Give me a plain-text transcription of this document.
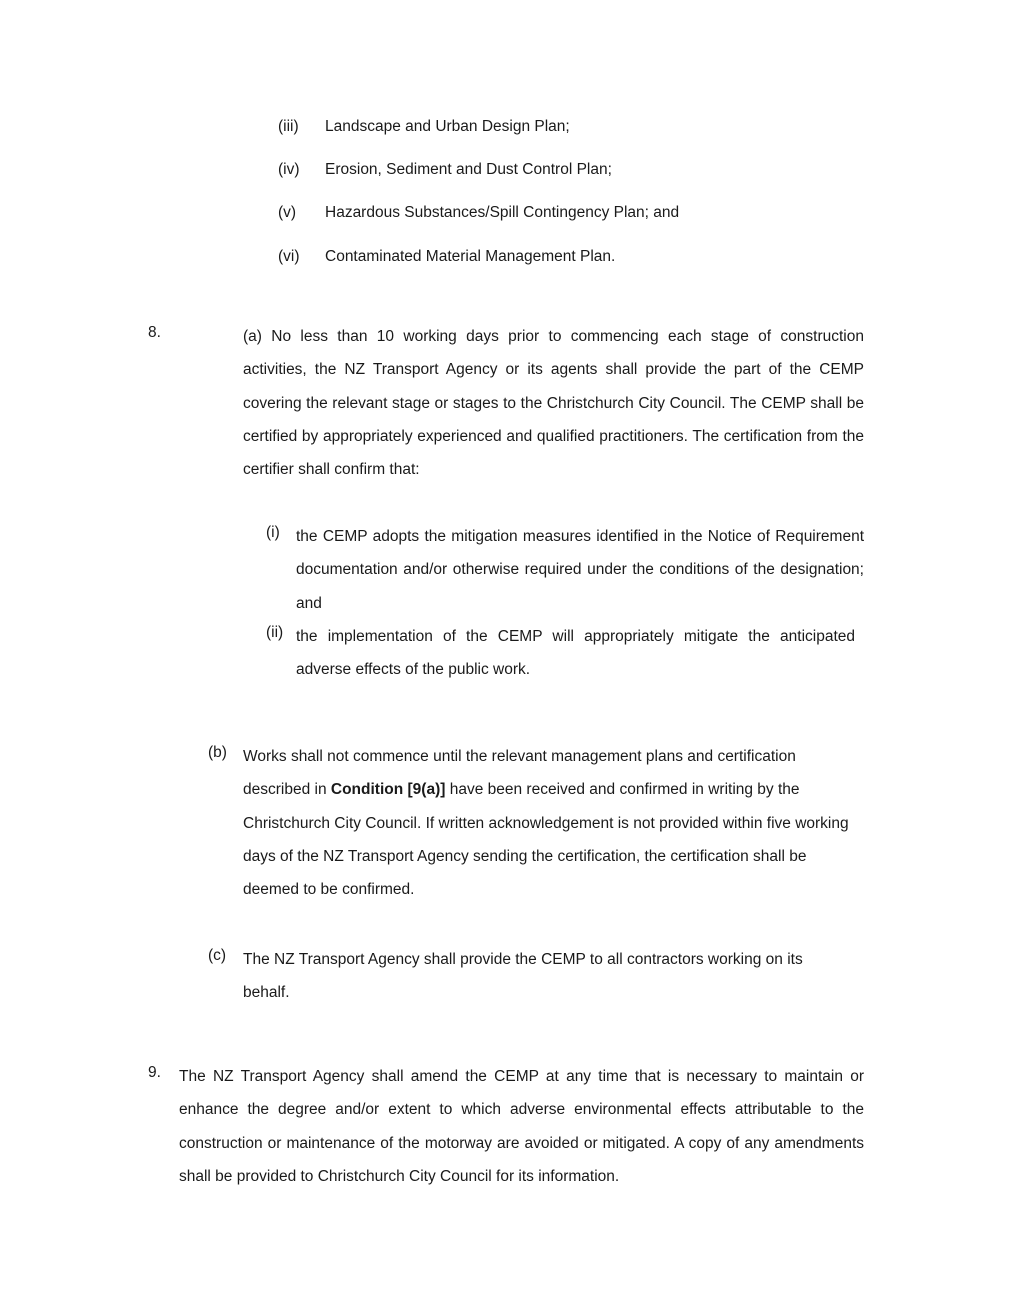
(iii) Landscape and Urban Design Plan;
(iv) Erosion, Sediment and Dust Control Plan;
(v) Hazardous Substances/Spill Contingency Plan; and
(vi) Contaminated Material Management Plan.
8.	(a) No less than 10 working days prior to commencing each stage of construction activities, the NZ Transport Agency or its agents shall provide the part of the CEMP covering the relevant stage or stages to the Christchurch City Council. The CEMP shall be certified by appropriately experienced and qualified practitioners. The certification from the certifier shall confirm that:
(i) the CEMP adopts the mitigation measures identified in the Notice of Requirement documentation and/or otherwise required under the conditions of the designation; and
(ii) the implementation of the CEMP will appropriately mitigate the anticipated adverse effects of the public work.
(b) Works shall not commence until the relevant management plans and certification described in Condition [9(a)] have been received and confirmed in writing by the Christchurch City Council. If written acknowledgement is not provided within five working days of the NZ Transport Agency sending the certification, the certification shall be deemed to be confirmed.
(c) The NZ Transport Agency shall provide the CEMP to all contractors working on its behalf.
9. The NZ Transport Agency shall amend the CEMP at any time that is necessary to maintain or enhance the degree and/or extent to which adverse environmental effects attributable to the construction or maintenance of the motorway are avoided or mitigated. A copy of any amendments shall be provided to Christchurch City Council for its information.
